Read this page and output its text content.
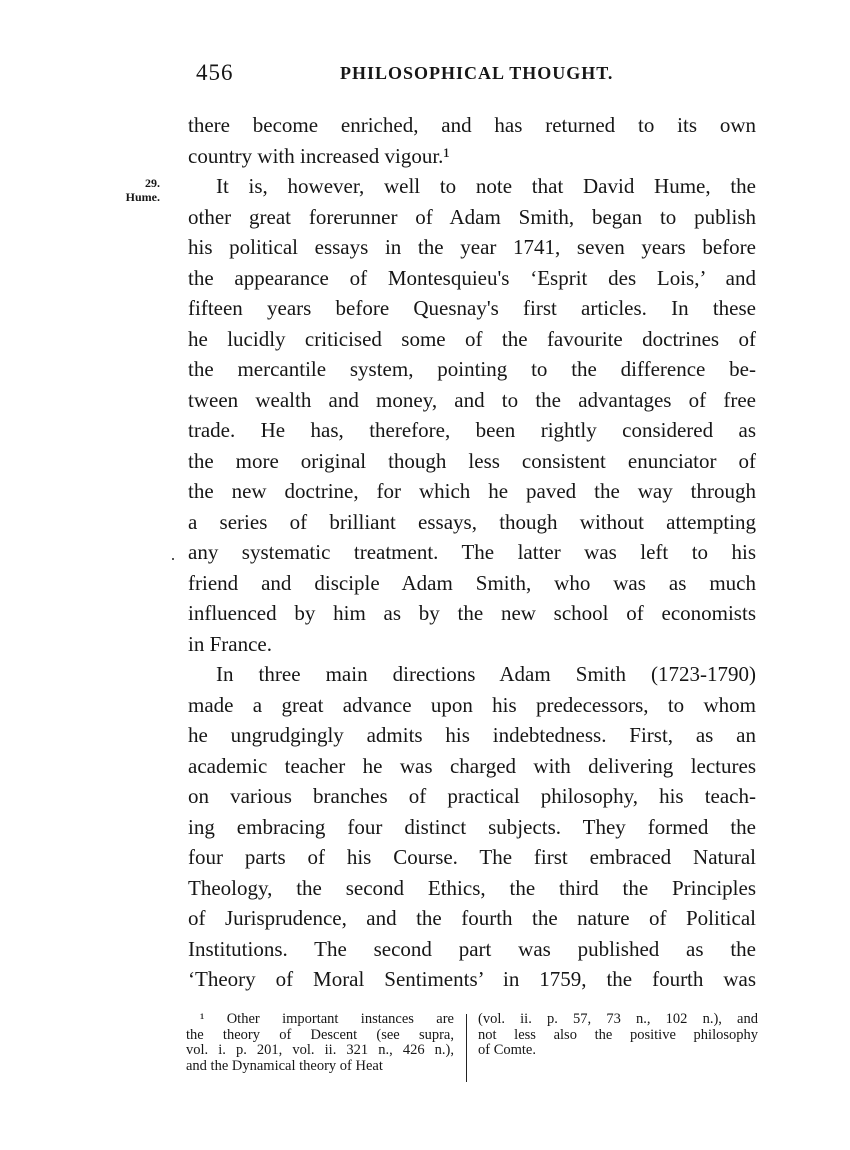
456	PHILOSOPHICAL THOUGHT.
29.
Hume.
there become enriched, and has returned to its own
country with increased vigour.¹
It is, however, well to note that David Hume, the
other great forerunner of Adam Smith, began to publish
his political essays in the year 1741, seven years before
the appearance of Montesquieu's ‘Esprit des Lois,’ and
fifteen years before Quesnay's first articles. In these
he lucidly criticised some of the favourite doctrines of
the mercantile system, pointing to the difference be-
tween wealth and money, and to the advantages of free
trade. He has, therefore, been rightly considered as
the more original though less consistent enunciator of
the new doctrine, for which he paved the way through
a series of brilliant essays, though without attempting
any systematic treatment. The latter was left to his
friend and disciple Adam Smith, who was as much
influenced by him as by the new school of economists
in France.
In three main directions Adam Smith (1723-1790)
made a great advance upon his predecessors, to whom
he ungrudgingly admits his indebtedness. First, as an
academic teacher he was charged with delivering lectures
on various branches of practical philosophy, his teach-
ing embracing four distinct subjects. They formed the
four parts of his Course. The first embraced Natural
Theology, the second Ethics, the third the Principles
of Jurisprudence, and the fourth the nature of Political
Institutions. The second part was published as the
‘Theory of Moral Sentiments’ in 1759, the fourth was
¹ Other important instances are
the theory of Descent (see supra,
vol. i. p. 201, vol. ii. 321 n., 426 n.),
and the Dynamical theory of Heat
(vol. ii. p. 57, 73 n., 102 n.), and
not less also the positive philosophy
of Comte.
